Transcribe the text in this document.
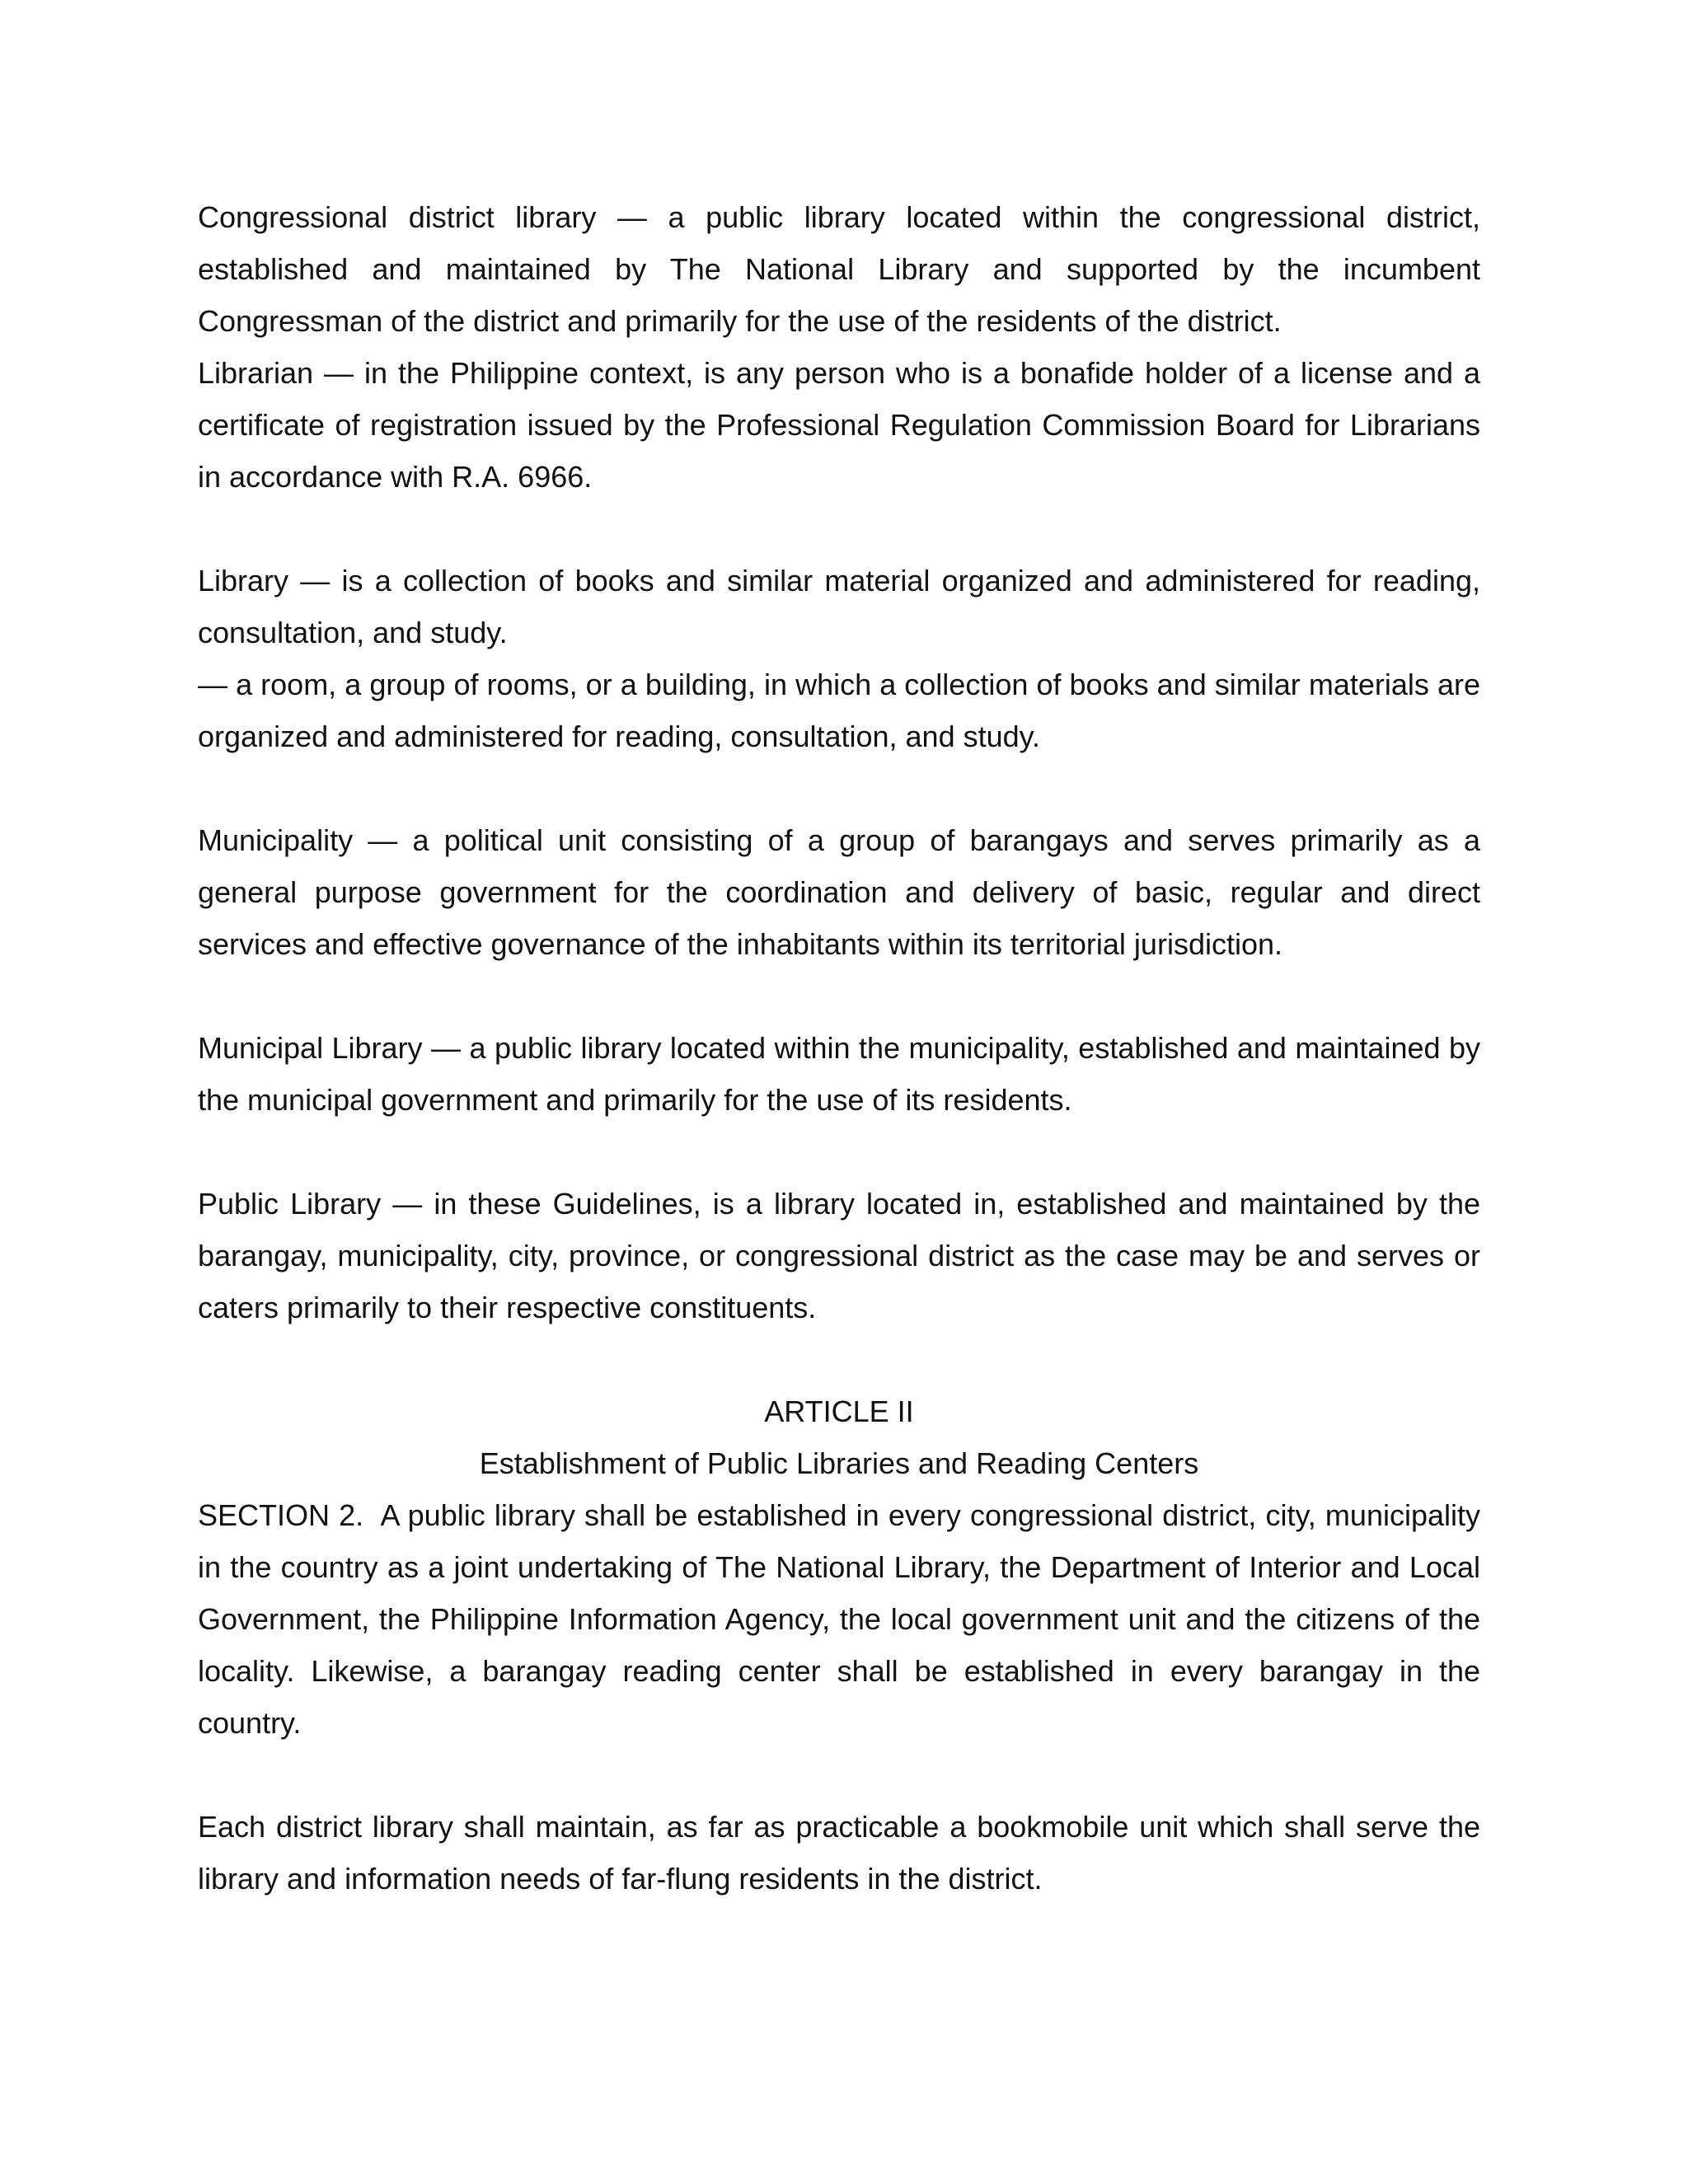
Congressional district library — a public library located within the congressional district, established and maintained by The National Library and supported by the incumbent Congressman of the district and primarily for the use of the residents of the district.

Librarian — in the Philippine context, is any person who is a bonafide holder of a license and a certificate of registration issued by the Professional Regulation Commission Board for Librarians in accordance with R.A. 6966.

Library — is a collection of books and similar material organized and administered for reading, consultation, and study.

— a room, a group of rooms, or a building, in which a collection of books and similar materials are organized and administered for reading, consultation, and study.

Municipality — a political unit consisting of a group of barangays and serves primarily as a general purpose government for the coordination and delivery of basic, regular and direct services and effective governance of the inhabitants within its territorial jurisdiction.

Municipal Library — a public library located within the municipality, established and maintained by the municipal government and primarily for the use of its residents.

Public Library — in these Guidelines, is a library located in, established and maintained by the barangay, municipality, city, province, or congressional district as the case may be and serves or caters primarily to their respective constituents.

ARTICLE II

Establishment of Public Libraries and Reading Centers

SECTION 2.  A public library shall be established in every congressional district, city, municipality in the country as a joint undertaking of The National Library, the Department of Interior and Local Government, the Philippine Information Agency, the local government unit and the citizens of the locality. Likewise, a barangay reading center shall be established in every barangay in the country.

Each district library shall maintain, as far as practicable a bookmobile unit which shall serve the library and information needs of far-flung residents in the district.
